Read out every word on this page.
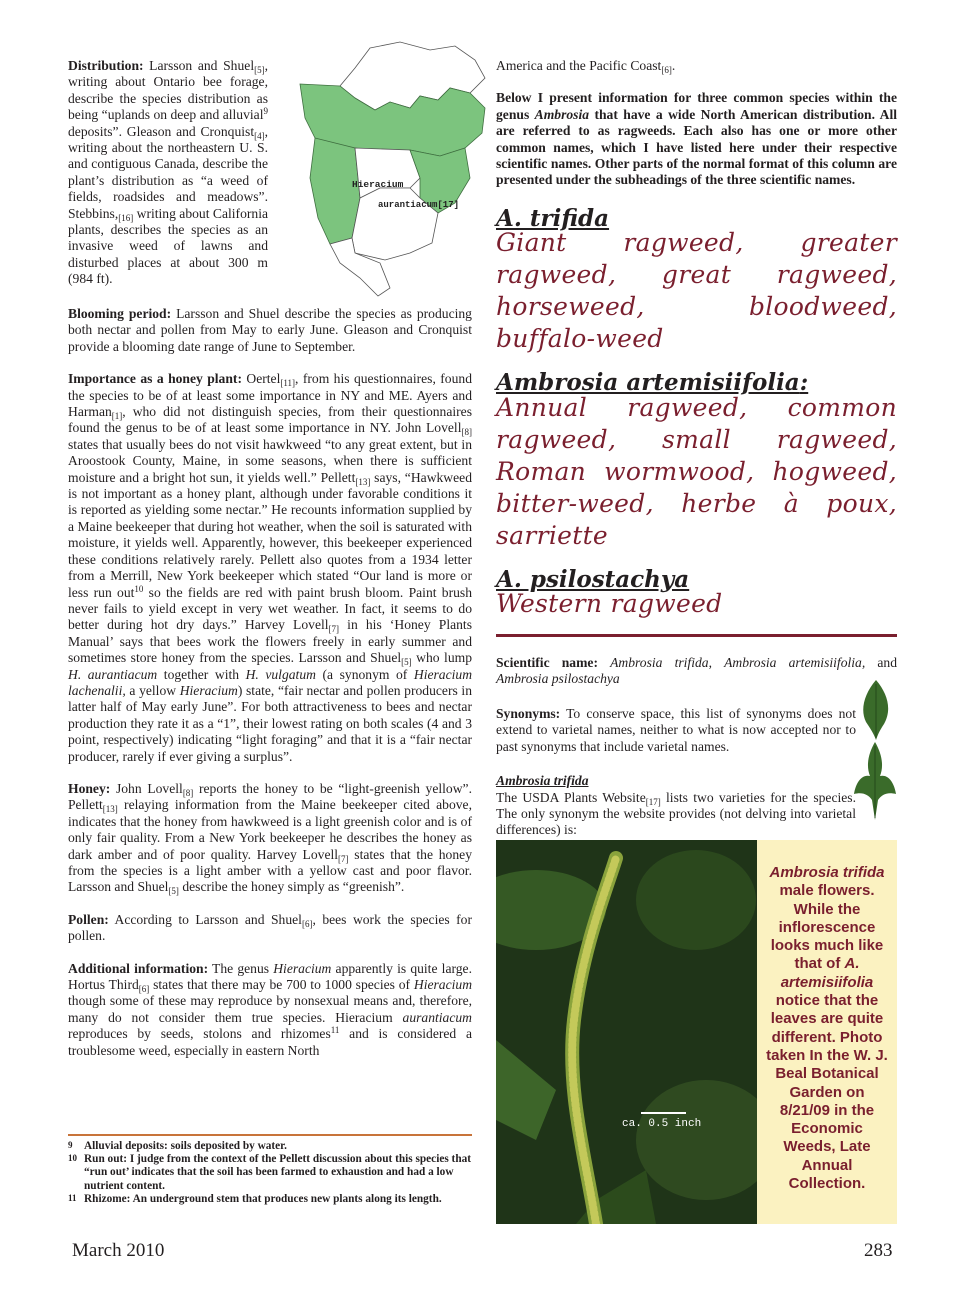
Hieracium
aurantiacum[17]

Distribution: Larsson and Shuel$_{[5]}$, writing about Ontario bee forage, describe the species distribution as being “uplands on deep and alluvial$^9$ deposits”. Gleason and Cronquist$_{[4]}$, writing about the northeastern U. S. and contiguous Canada, describe the plant’s distribution as “a weed of fields, roadsides and meadows”. $Stebbins,_{[16]}$ writing about California plants, describes the species as an invasive weed of lawns and disturbed places at about 300 m (984 ft).

Blooming period: Larsson and Shuel describe the species as producing both nectar and pollen from May to early June. Gleason and Cronquist provide a blooming date range of June to September.

Importance as a honey plant: Oertel$_{[11]}$, from his questionnaires, found the species to be of at least some importance in NY and ME. Ayers and Harman$_{[1]}$, who did not distinguish species, from their questionnaires found the genus to be of at least some importance in NY. John Lovell$_{[8]}$ states that usually bees do not visit hawkweed “to any great extent, but in Aroostook County, Maine, in some seasons, when there is sufficient moisture and a bright hot sun, it yields well.” Pellett$_{[13]}$ says, “Hawkweed is not important as a honey plant, although under favorable conditions it is reported as yielding some nectar.” He recounts information supplied by a Maine beekeeper that during hot weather, when the soil is saturated with moisture, it yields well. Apparently, however, this beekeeper experienced these conditions relatively rarely. Pellett also quotes from a 1934 letter from a Merrill, New York beekeeper which stated “Our land is more or less run out$^{10}$ so the fields are red with paint brush bloom. Paint brush never fails to yield except in very wet weather. In fact, it seems to do better during hot dry days.” Harvey Lovell$_{[7]}$ in his ‘Honey Plants Manual’ says that bees work the flowers freely in early summer and sometimes store honey from the species. Larsson and Shuel$_{[5]}$ who lump H. aurantiacum together with H. vulgatum (a synonym of Hieracium lachenalii, a yellow Hieracium) state, “fair nectar and pollen producers in latter half of May early June”. For both attractiveness to bees and nectar production they rate it as a “1”, their lowest rating on both scales (4 and 3 point, respectively) indicating “light foraging” and that it is a “fair nectar producer, rarely if ever giving a surplus”.

Honey: John Lovell$_{[8]}$ reports the honey to be “light-greenish yellow”. Pellett$_{[13]}$ relaying information from the Maine beekeeper cited above, indicates that the honey from hawkweed is a light greenish color and is of only fair quality. From a New York beekeeper he describes the honey as dark amber and of poor quality. Harvey Lovell$_{[7]}$ states that the honey from the species is a light amber with a yellow cast and poor flavor. Larsson and Shuel$_{[5]}$ describe the honey simply as “greenish”.

Pollen: According to Larsson and Shuel$_{[6]}$, bees work the species for pollen.

Additional information: The genus Hieracium apparently is quite large. Hortus Third$_{[6]}$ states that there may be 700 to 1000 species of Hieracium though some of these may reproduce by nonsexual means and, therefore, many do not consider them true species. Hieracium aurantiacum reproduces by seeds, stolons and rhizomes$^{11}$ and is considered a troublesome weed, especially in eastern North

9	Alluvial deposits: soils deposited by water.
10 Run out: I judge from the context of the Pellett discussion about this species that “run out’ indicates that the soil has been farmed to exhaustion and had a low nutrient content.
11 Rhizome: An underground stem that produces new plants along its length.

America and the Pacific Coast$_{[6]}$.

Below I present information for three common species within the genus Ambrosia that have a wide North American distribution. All are referred to as ragweeds. Each also has one or more other common names, which I have listed here under their respective scientific names. Other parts of the normal format of this column are presented under the subheadings of the three scientific names.

A. trifida

Giant ragweed, greater ragweed, great ragweed, horseweed, bloodweed, buffalo-weed

Ambrosia artemisiifolia:

Annual ragweed, common ragweed, small ragweed, Roman wormwood, hogweed, bitter-weed, herbe à poux, sarriette

A. psilostachya

Western ragweed

Scientific name: Ambrosia trifida, Ambrosia artemisiifolia, and Ambrosia psilostachya

Synonyms: To conserve space, this list of synonyms does not extend to varietal names, neither to what is now accepted nor to past synonyms that include varietal names.

Ambrosia trifida

The USDA Plants Website$_{[17]}$ lists two varieties for the species. The only synonym the website provides (not delving into varietal differences) is:

ca. 0.5 inch

Ambrosia trifida male flowers. While the inflorescence looks much like that of A. artemisiifolia notice that the leaves are quite different. Photo taken In the W. J. Beal Botanical Garden on 8/21/09 in the Economic Weeds, Late Annual Collection.

March 2010	283
